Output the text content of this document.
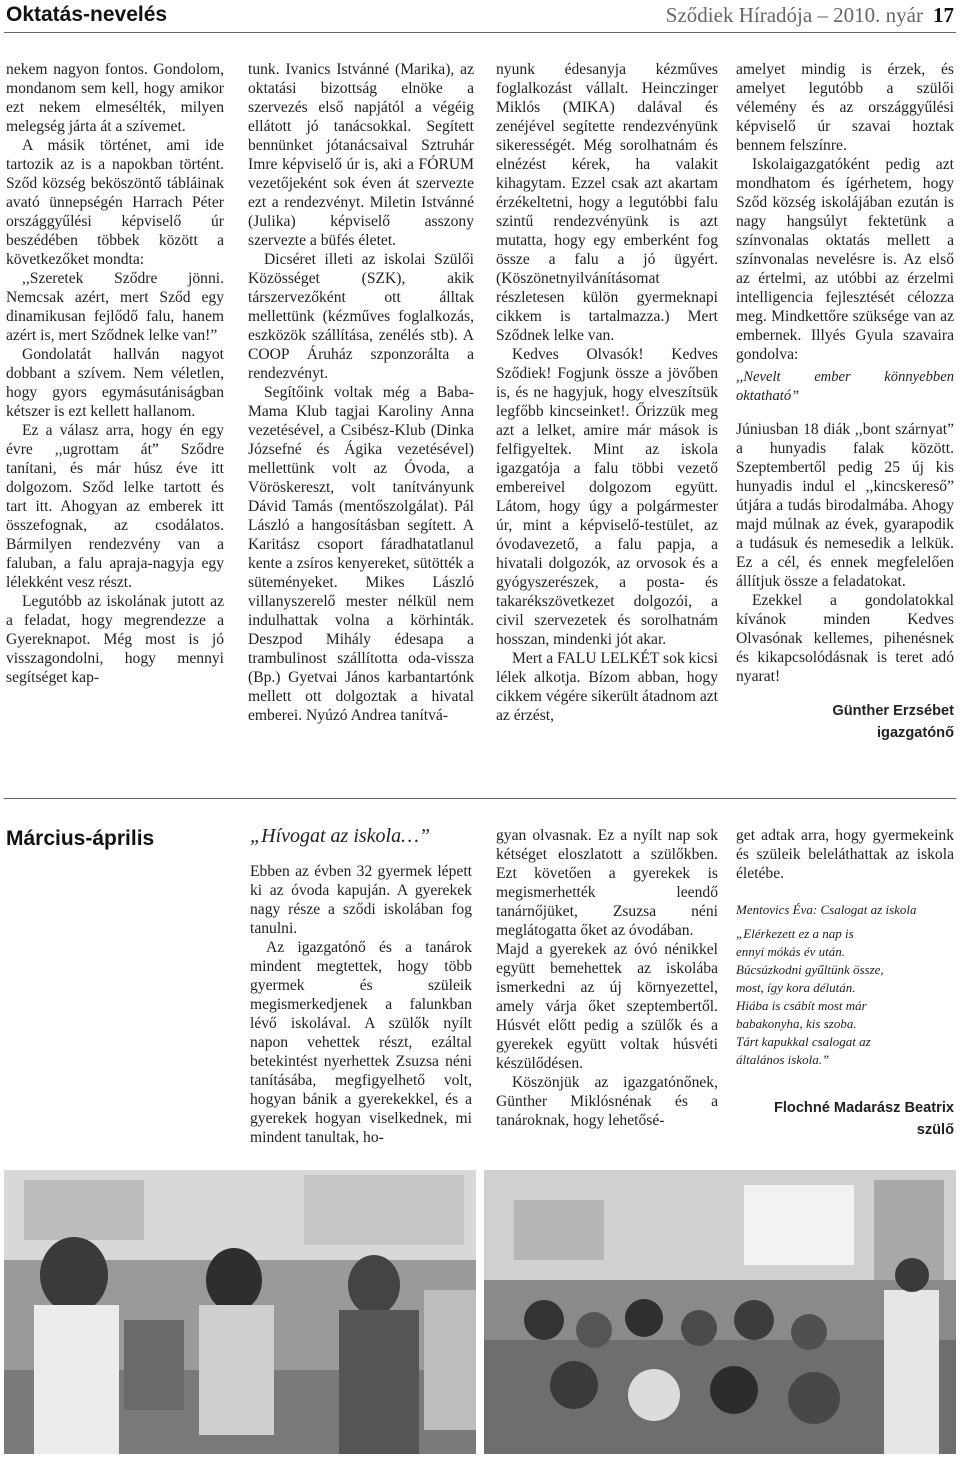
Oktatás-nevelés	Sződiek Híradója – 2010. nyár 17

nekem nagyon fontos. Gondolom, mondanom sem kell, hogy amikor ezt nekem elmesélték, milyen melegség járta át a szívemet.

A másik történet, ami ide tartozik az is a napokban történt. Sződ község beköszöntő tábláinak avató ünnepségén Harrach Péter országgyűlési képviselő úr beszédében többek között a következőket mondta:

,,Szeretek Sződre jönni. Nemcsak azért, mert Sződ egy dinamikusan fejlődő falu, hanem azért is, mert Sződnek lelke van!”

Gondolatát hallván nagyot dobbant a szívem. Nem véletlen, hogy gyors egymásutániságban kétszer is ezt kellett hallanom.

Ez a válasz arra, hogy én egy évre ,,ugrottam át” Sződre tanítani, és már húsz éve itt dolgozom. Sződ lelke tartott és tart itt. Ahogyan az emberek itt összefognak, az csodálatos. Bármilyen rendezvény van a faluban, a falu apraja-nagyja egy lélekként vesz részt.

Legutóbb az iskolának jutott az a feladat, hogy megrendezze a Gyereknapot. Még most is jó visszagondolni, hogy mennyi segítséget kap-

tunk. Ivanics Istvánné (Marika), az oktatási bizottság elnöke a szervezés első napjától a végéig ellátott jó tanácsokkal. Segített bennünket jótanácsaival Sztruhár Imre képviselő úr is, aki a FÓRUM vezetőjeként sok éven át szervezte ezt a rendezvényt. Miletin Istvánné (Julika) képviselő asszony szervezte a büfés életet.

Dicséret illeti az iskolai Szülői Közösséget (SZK), akik társzervezőként ott álltak mellettünk (kézműves foglalkozás, eszközök szállítása, zenélés stb). A COOP Áruház szponzorálta a rendezvényt.

Segítőink voltak még a Baba-Mama Klub tagjai Karoliny Anna vezetésével, a Csibész-Klub (Dinka Józsefné és Ágika vezetésével) mellettünk volt az Óvoda, a Vöröskereszt, volt tanítványunk Dávid Tamás (mentőszolgálat). Pál László a hangosításban segített. A Karitász csoport fáradhatatlanul kente a zsíros kenyereket, sütötték a süteményeket. Mikes László villanyszerelő mester nélkül nem indulhattak volna a körhinták. Deszpod Mihály édesapa a trambulinost szállította oda-vissza (Bp.) Gyetvai János karbantartónk mellett ott dolgoztak a hivatal emberei. Nyúzó Andrea tanítvá-

nyunk édesanyja kézműves foglalkozást vállalt. Heinczinger Miklós (MIKA) dalával és zenéjével segítette rendezvényünk sikerességét. Még sorolhatnám és elnézést kérek, ha valakit kihagytam. Ezzel csak azt akartam érzékeltetni, hogy a legutóbbi falu szintű rendezvényünk is azt mutatta, hogy egy emberként fog össze a falu a jó ügyért. (Köszönetnyilvánításomat részletesen külön gyermeknapi cikkem is tartalmazza.) Mert Sződnek lelke van.

Kedves Olvasók! Kedves Sződiek! Fogjunk össze a jövőben is, és ne hagyjuk, hogy elveszítsük legfőbb kincseinket!. Őrizzük meg azt a lelket, amire már mások is felfigyeltek. Mint az iskola igazgatója a falu többi vezető embereivel dolgozom együtt. Látom, hogy úgy a polgármester úr, mint a képviselő-testület, az óvodavezető, a falu papja, a hivatali dolgozók, az orvosok és a gyógyszerészek, a posta- és takarékszövetkezet dolgozói, a civil szervezetek és sorolhatnám hosszan, mindenki jót akar.

Mert a FALU LELKÉT sok kicsi lélek alkotja. Bízom abban, hogy cikkem végére sikerült átadnom azt az érzést,

amelyet mindig is érzek, és amelyet legutóbb a szülői vélemény és az országgyűlési képviselő úr szavai hoztak bennem felszínre.

Iskolaigazgatóként pedig azt mondhatom és ígérhetem, hogy Sződ község iskolájában ezután is nagy hangsúlyt fektetünk a színvonalas oktatás mellett a színvonalas nevelésre is. Az első az értelmi, az utóbbi az érzelmi intelligencia fejlesztését célozza meg. Mindkettőre szüksége van az embernek. Illyés Gyula szavaira gondolva:

,,Nevelt ember könnyebben oktatható”

Júniusban 18 diák ,,bont szárnyat” a hunyadis falak között. Szeptembertől pedig 25 új kis hunyadis indul el ,,kincskereső” útjára a tudás birodalmába. Ahogy majd múlnak az évek, gyarapodik a tudásuk és nemesedik a lelkük. Ez a cél, és ennek megfelelően állítjuk össze a feladatokat.

Ezekkel a gondolatokkal kívánok minden Kedves Olvasónak kellemes, pihenésnek és kikapcsolódásnak is teret adó nyarat!

Günther Erzsébet
igazgatónő

Március-április	„Hívogat az iskola…”

Ebben az évben 32 gyermek lépett ki az óvoda kapuján. A gyerekek nagy része a sződi iskolában fog tanulni.

Az igazgatónő és a tanárok mindent megtettek, hogy több gyermek és szüleik megismerkedjenek a falunkban lévő iskolával. A szülők nyílt napon vehettek részt, ezáltal betekintést nyerhettek Zsuzsa néni tanításába, megfigyelhető volt, hogyan bánik a gyerekekkel, és a gyerekek hogyan viselkednek, mi mindent tanultak, ho-

gyan olvasnak. Ez a nyílt nap sok kétséget eloszlatott a szülőkben. Ezt követően a gyerekek is megismerhették leendő tanárnőjüket, Zsuzsa néni meglátogatta őket az óvodában.

Majd a gyerekek az óvó nénikkel együtt bemehettek az iskolába ismerkedni az új környezettel, amely várja őket szeptembertől. Húsvét előtt pedig a szülők és a gyerekek együtt voltak húsvéti készülődésen.

Köszönjük az igazgatónőnek, Günther Miklósnénak és a tanároknak, hogy lehetősé-

get adtak arra, hogy gyermekeink és szüleik beleláthattak az iskola életébe.

Mentovics Éva: Csalogat az iskola
„Elérkezett ez a nap is
ennyi mókás év után.
Búcsúzkodni gyűltünk össze,
most, így kora délután.
Hiába is csábít most már
babakonyha, kis szoba.
Tárt kapukkal csalogat az
általános iskola.”
Flochné Madarász Beatrix
szülő
